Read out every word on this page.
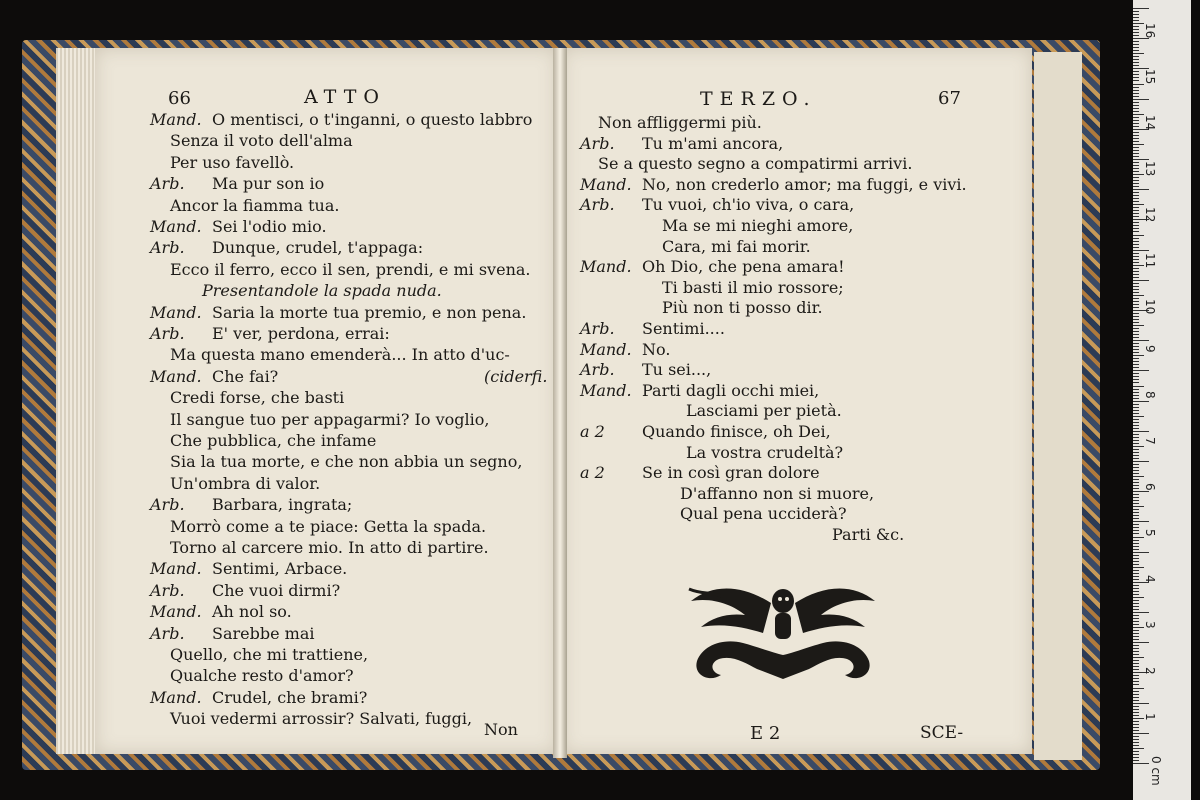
66	ATTO
Mand. O mentisci, o t'inganni, o questo labbro
Senza il voto dell'alma
Per uso favellò.
Arb. Ma pur son io
Ancor la fiamma tua.
Mand. Sei l'odio mio.
Arb. Dunque, crudel, t'appaga:
Ecco il ferro, ecco il sen, prendi, e mi svena.
Presentandole la spada nuda.
Mand. Saria la morte tua premio, e non pena.
Arb. E' ver, perdona, errai:
Ma questa mano emenderà... In atto d'uc-
Mand. Che fai?
Credi forse, che basti
Il sangue tuo per appagarmi? Io voglio,
Che pubblica, che infame
Sia la tua morte, e che non abbia un segno,
Un'ombra di valor.
Arb. Barbara, ingrata;
Morrò come a te piace: Getta la spada.
Torno al carcere mio. In atto di partire.
Mand. Sentimi, Arbace.
Arb. Che vuoi dirmi?
Mand. Ah nol so.
Arb. Sarebbe mai
Quello, che mi trattiene,
Qualche resto d'amor?
Mand. Crudel, che brami?
Vuoi vedermi arrossir? Salvati, fuggi,
(ciderfi.
Non
TERZO.	67
Non affliggermi più.
Arb. Tu m'ami ancora,
Se a questo segno a compatirmi arrivi.
Mand. No, non crederlo amor; ma fuggi, e vivi.
Arb. Tu vuoi, ch'io viva, o cara,
Ma se mi nieghi amore,
Cara, mi fai morir.
Mand. Oh Dio, che pena amara!
Ti basti il mio rossore;
Più non ti posso dir.
Arb. Sentimi....
Mand. No.
Arb. Tu sei...,
Mand. Parti dagli occhi miei,
Lasciami per pietà.
a 2 Quando finisce, oh Dei,
La vostra crudeltà?
a 2 Se in così gran dolore
D'affanno non si muore,
Qual pena ucciderà?
Parti &c.
E 2	SCE-
0 cm
1
2
3
4
5
6
7
8
9
10
11
12
13
14
15
16
